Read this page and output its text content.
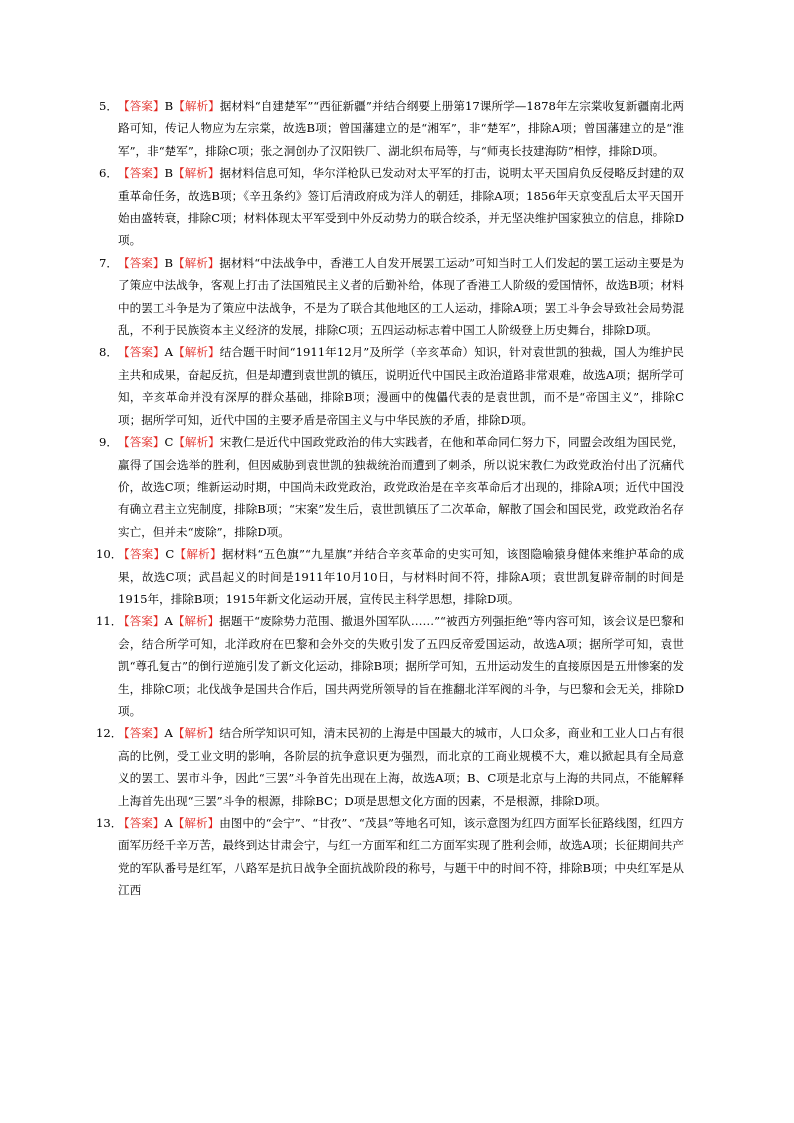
5． 【答案】B【解析】据材料“自建楚军”“西征新疆”并结合纲要上册第17课所学—1878年左宗棠收复新疆南北两路可知，传记人物应为左宗棠，故选B项；曾国藩建立的是“湘军”，非“楚军”，排除A项；曾国藩建立的是“淮军”，非“楚军”，排除C项；张之洞创办了汉阳铁厂、湖北织布局等，与“师夷长技建海防”相悖，排除D项。
6． 【答案】B【解析】据材料信息可知，华尔洋枪队已发动对太平军的打击，说明太平天国肩负反侵略反封建的双重革命任务，故选B项；《辛丑条约》签订后清政府成为洋人的朝廷，排除A项；1856年天京变乱后太平天国开始由盛转衰，排除C项；材料体现太平军受到中外反动势力的联合绞杀，并无坚决维护国家独立的信息，排除D项。
7． 【答案】B【解析】据材料“中法战争中，香港工人自发开展罢工运动”可知当时工人们发起的罢工运动主要是为了策应中法战争，客观上打击了法国殖民主义者的后勤补给，体现了香港工人阶级的爱国情怀，故选B项；材料中的罢工斗争是为了策应中法战争，不是为了联合其他地区的工人运动，排除A项；罢工斗争会导致社会局势混乱，不利于民族资本主义经济的发展，排除C项；五四运动标志着中国工人阶级登上历史舞台，排除D项。
8． 【答案】A【解析】结合题干时间“1911年12月”及所学（辛亥革命）知识，针对袁世凯的独裁，国人为维护民主共和成果，奋起反抗，但是却遭到袁世凯的镇压，说明近代中国民主政治道路非常艰难，故选A项；据所学可知，辛亥革命并没有深厚的群众基础，排除B项；漫画中的傀儡代表的是袁世凯，而不是“帝国主义”，排除C项；据所学可知，近代中国的主要矛盾是帝国主义与中华民族的矛盾，排除D项。
9． 【答案】C【解析】宋教仁是近代中国政党政治的伟大实践者，在他和革命同仁努力下，同盟会改组为国民党，赢得了国会选举的胜利，但因威胁到袁世凯的独裁统治而遭到了刺杀，所以说宋教仁为政党政治付出了沉痛代价，故选C项；维新运动时期，中国尚未政党政治，政党政治是在辛亥革命后才出现的，排除A项；近代中国没有确立君主立宪制度，排除B项；“宋案”发生后，袁世凯镇压了二次革命，解散了国会和国民党，政党政治名存实亡，但并未“废除”，排除D项。
10．
【答案】C【解析】据材料“五色旗”“九星旗”并结合辛亥革命的史实可知，该图隐喻猿身健体来维护革命的成果，故选C项；武昌起义的时间是1911年10月10日，与材料时间不符，排除A项；袁世凯复辟帝制的时间是1915年，排除B项；1915年新文化运动开展，宣传民主科学思想，排除D项。
11．
【答案】A【解析】据题干“废除势力范围、撤退外国军队……”“被西方列强拒绝”等内容可知，该会议是巴黎和会，结合所学可知，北洋政府在巴黎和会外交的失败引发了五四反帝爱国运动，故选A项；据所学可知，袁世凯“尊孔复古”的倒行逆施引发了新文化运动，排除B项；据所学可知，五卅运动发生的直接原因是五卅惨案的发生，排除C项；北伐战争是国共合作后，国共两党所领导的旨在推翻北洋军阀的斗争，与巴黎和会无关，排除D项。
12．
【答案】A【解析】结合所学知识可知，清末民初的上海是中国最大的城市，人口众多，商业和工业人口占有很高的比例，受工业文明的影响，各阶层的抗争意识更为强烈，而北京的工商业规模不大，难以掀起具有全局意义的罢工、罢市斗争，因此“三罢”斗争首先出现在上海，故选A项；B、C项是北京与上海的共同点，不能解释上海首先出现“三罢”斗争的根源，排除BC；D项是思想文化方面的因素，不是根源，排除D项。
13．
【答案】A【解析】由图中的“会宁”、“甘孜”、“茂县”等地名可知，该示意图为红四方面军长征路线图，红四方面军历经千辛万苦，最终到达甘肃会宁，与红一方面军和红二方面军实现了胜利会师，故选A项；长征期间共产党的军队番号是红军，八路军是抗日战争全面抗战阶段的称号，与题干中的时间不符，排除B项；中央红军是从江西
